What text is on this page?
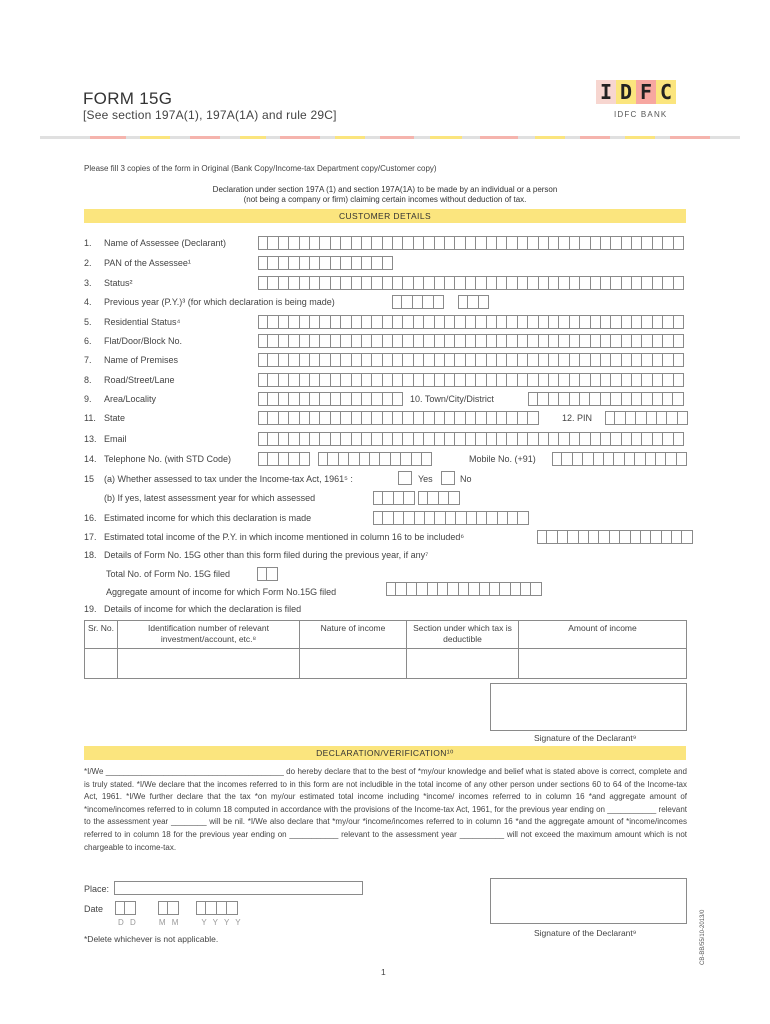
FORM 15G
[See section 197A(1), 197A(1A) and rule 29C]
I D F C
IDFC BANK
Please fill 3 copies of the form in Original (Bank Copy/Income-tax Department copy/Customer copy)
Declaration under section 197A (1) and section 197A(1A) to be made by an individual or a person
(not being a company or firm) claiming certain incomes without deduction of tax.
CUSTOMER DETAILS
1. Name of Assessee (Declarant)
2. PAN of the Assessee¹
3. Status²
4. Previous year (P.Y.)³ (for which declaration is being made)
5. Residential Status⁴
6. Flat/Door/Block No.
7. Name of Premises
8. Road/Street/Lane
9. Area/Locality	10. Town/City/District
11. State	12. PIN
13. Email
14. Telephone No. (with STD Code)	Mobile No. (+91)
15 (a) Whether assessed to tax under the Income-tax Act, 1961⁵ :	Yes	No
(b) If yes, latest assessment year for which assessed
16. Estimated income for which this declaration is made
17. Estimated total income of the P.Y. in which income mentioned in column 16 to be included⁶
18. Details of Form No. 15G other than this form filed during the previous year, if any⁷
Total No. of Form No. 15G filed
Aggregate amount of income for which Form No.15G filed
19. Details of income for which the declaration is filed
Sr. No.	Identification number of relevant investment/account, etc.⁸	Nature of income	Section under which tax is deductible	Amount of income

Signature of the Declarant⁹
DECLARATION/VERIFICATION¹⁰
*I/We ________________________________________ do hereby declare that to the best of *my/our knowledge and belief what is stated above is correct, complete and is truly stated. *I/We declare that the incomes referred to in this form are not includible in the total income of any other person under sections 60 to 64 of the Income-tax Act, 1961. *I/We further declare that the tax *on my/our estimated total income including *income/ incomes referred to in column 16 *and aggregate amount of *income/incomes referred to in column 18 computed in accordance with the provisions of the Income-tax Act, 1961, for the previous year ending on ___________ relevant to the assessment year ________ will be nil. *I/We also declare that *my/our *income/incomes referred to in column 16 *and the aggregate amount of *income/incomes referred to in column 18 for the previous year ending on ___________ relevant to the assessment year __________ will not exceed the maximum amount which is not chargeable to income-tax.
Place:
Date
D D     M M     Y Y Y Y
*Delete whichever is not applicable.
Signature of the Declarant⁹	CB-BB/55/10-2013/0
1
